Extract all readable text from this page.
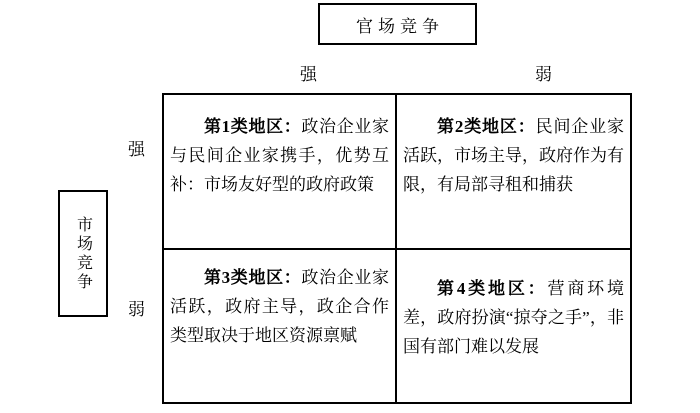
官场竞争
市场竞争
强	弱
强
弱

第1类地区：政治企业家与民间企业家携手，优势互补：市场友好型的政府政策

第2类地区：民间企业家活跃，市场主导，政府作为有限，有局部寻租和捕获

第3类地区：政治企业家活跃，政府主导，政企合作类型取决于地区资源禀赋

第4类地区：营商环境差，政府扮演“掠夺之手”，非国有部门难以发展
